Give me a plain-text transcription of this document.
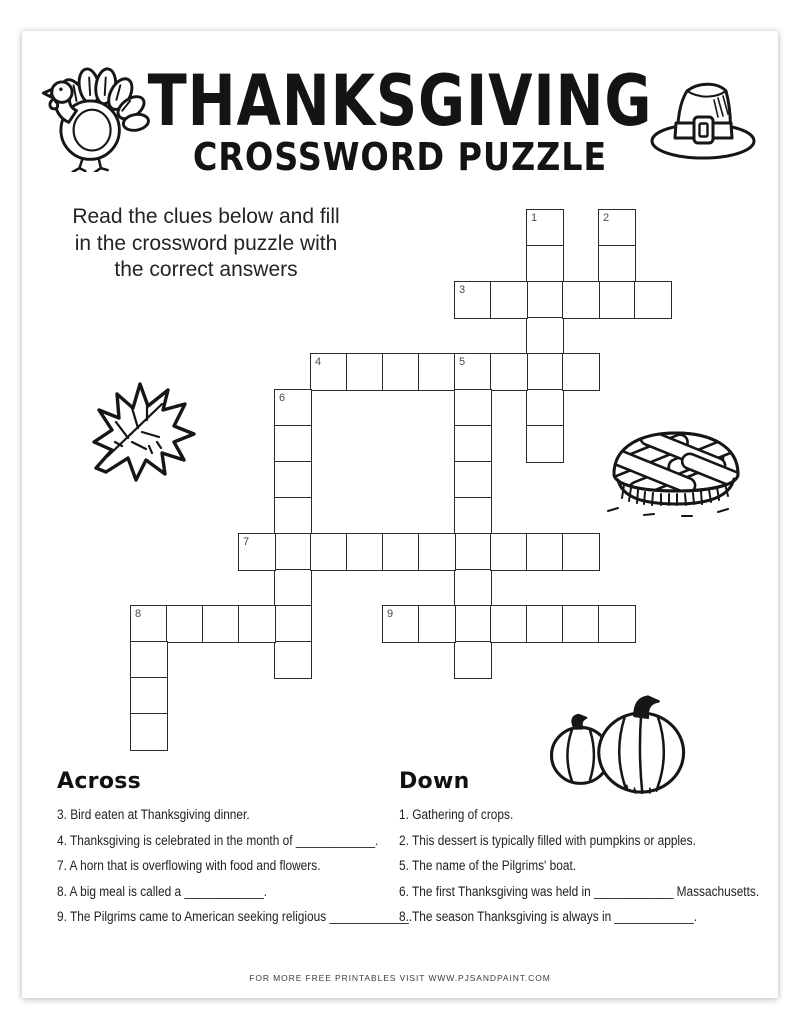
THANKSGIVING
CROSSWORD PUZZLE
Read the clues below and fill
in the crossword puzzle with
the correct answers
1	2
3
4	5
6
7
8	9
Across

3. Bird eaten at Thanksgiving dinner.

4. Thanksgiving is celebrated in the month of ____________.

7. A horn that is overflowing with food and flowers.

8. A big meal is called a ____________.

9. The Pilgrims came to American seeking religious ____________.

Down

1. Gathering of crops.

2. This dessert is typically filled with pumpkins or apples.

5. The name of the Pilgrims' boat.

6. The first Thanksgiving was held in ____________ Massachusetts.

8. The season Thanksgiving is always in ____________.

FOR MORE FREE PRINTABLES VISIT WWW.PJSANDPAINT.COM
